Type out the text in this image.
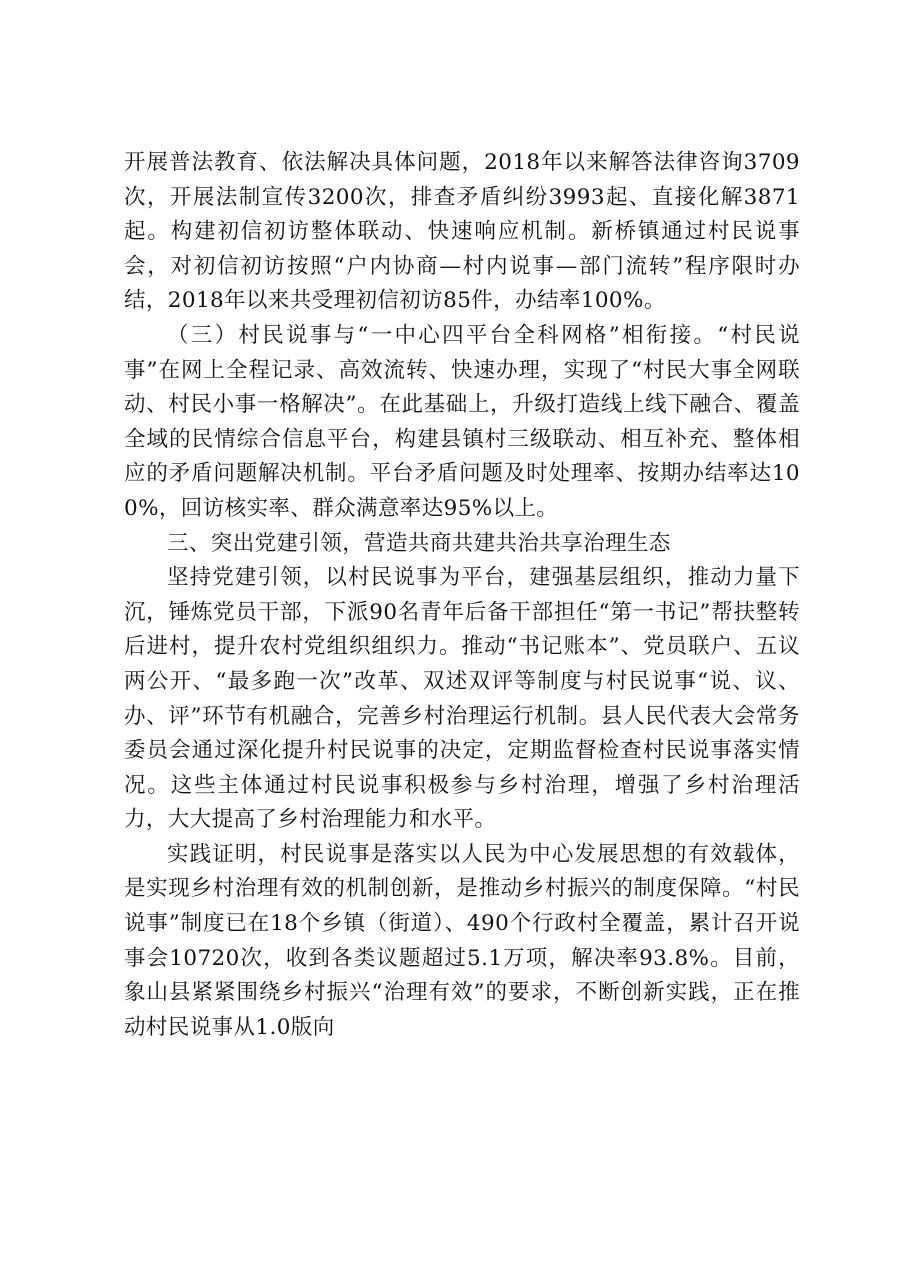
开展普法教育、依法解决具体问题，2018年以来解答法律咨询3709次，开展法制宣传3200次，排查矛盾纠纷3993起、直接化解3871起。构建初信初访整体联动、快速响应机制。新桥镇通过村民说事会，对初信初访按照“户内协商—村内说事—部门流转”程序限时办结，2018年以来共受理初信初访85件，办结率100%。

（三）村民说事与“一中心四平台全科网格”相衔接。“村民说事”在网上全程记录、高效流转、快速办理，实现了“村民大事全网联动、村民小事一格解决”。在此基础上，升级打造线上线下融合、覆盖全域的民情综合信息平台，构建县镇村三级联动、相互补充、整体相应的矛盾问题解决机制。平台矛盾问题及时处理率、按期办结率达100%，回访核实率、群众满意率达95%以上。

三、突出党建引领，营造共商共建共治共享治理生态

坚持党建引领，以村民说事为平台，建强基层组织，推动力量下沉，锤炼党员干部，下派90名青年后备干部担任“第一书记”帮扶整转后进村，提升农村党组织组织力。推动“书记账本”、党员联户、五议两公开、“最多跑一次”改革、双述双评等制度与村民说事“说、议、办、评”环节有机融合，完善乡村治理运行机制。县人民代表大会常务委员会通过深化提升村民说事的决定，定期监督检查村民说事落实情况。这些主体通过村民说事积极参与乡村治理，增强了乡村治理活力，大大提高了乡村治理能力和水平。

实践证明，村民说事是落实以人民为中心发展思想的有效载体，是实现乡村治理有效的机制创新，是推动乡村振兴的制度保障。“村民说事”制度已在18个乡镇（街道）、490个行政村全覆盖，累计召开说事会10720次，收到各类议题超过5.1万项，解决率93.8%。目前，象山县紧紧围绕乡村振兴“治理有效”的要求，不断创新实践，正在推动村民说事从1.0版向
